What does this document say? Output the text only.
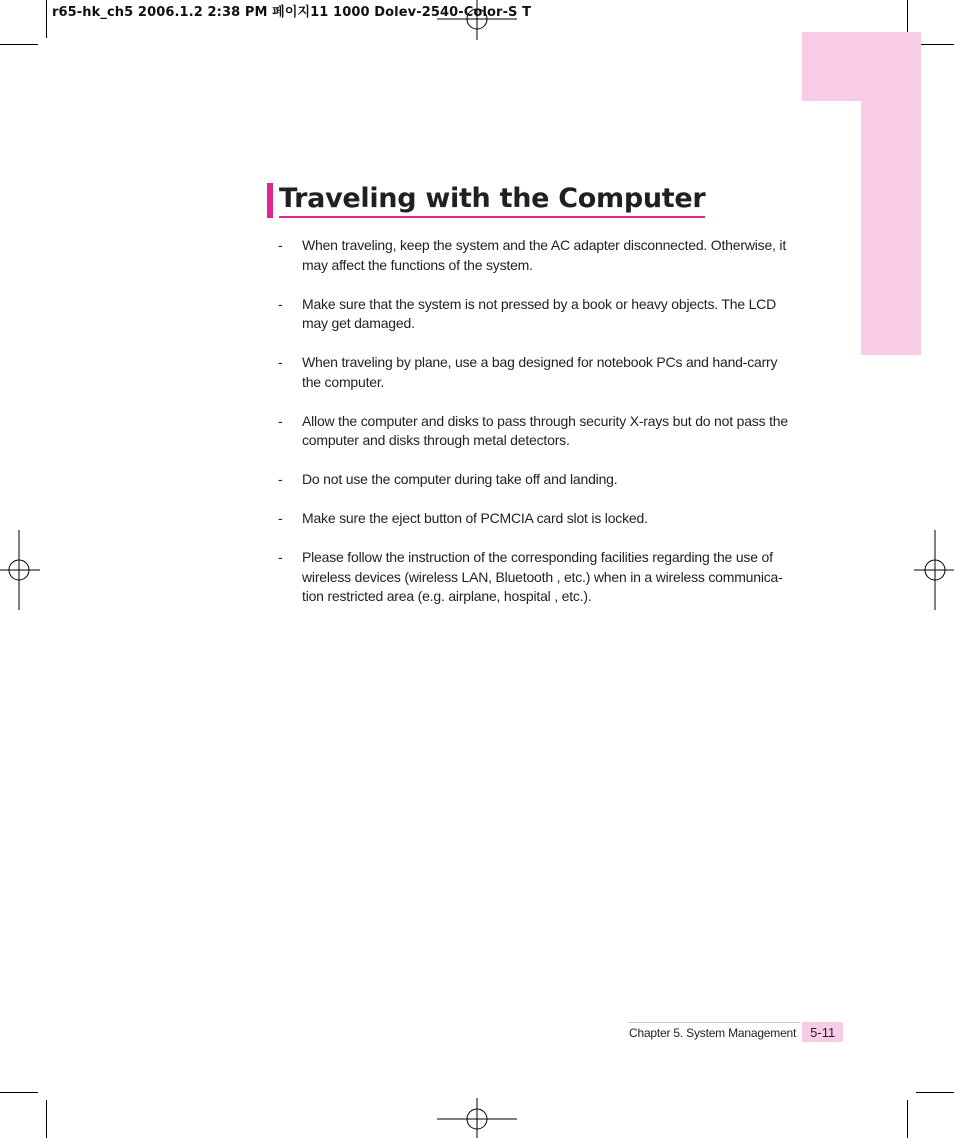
r65-hk_ch5 2006.1.2 2:38 PM 페이지11 1000 Dolev-2540-Color-S T
Traveling with the Computer
-	When traveling, keep the system and the AC adapter disconnected. Otherwise, it may affect the functions of the system.
-	Make sure that the system is not pressed by a book or heavy objects. The LCD may get damaged.
-	When traveling by plane, use a bag designed for notebook PCs and hand-carry the computer.
-	Allow the computer and disks to pass through security X-rays but do not pass the computer and disks through metal detectors.
-	Do not use the computer during take off and landing.
-	Make sure the eject button of PCMCIA card slot is locked.
-	Please follow the instruction of the corresponding facilities regarding the use of wireless devices (wireless LAN, Bluetooth , etc.) when in a wireless communica-tion restricted area (e.g. airplane, hospital , etc.).
Chapter 5. System Management	5-11
